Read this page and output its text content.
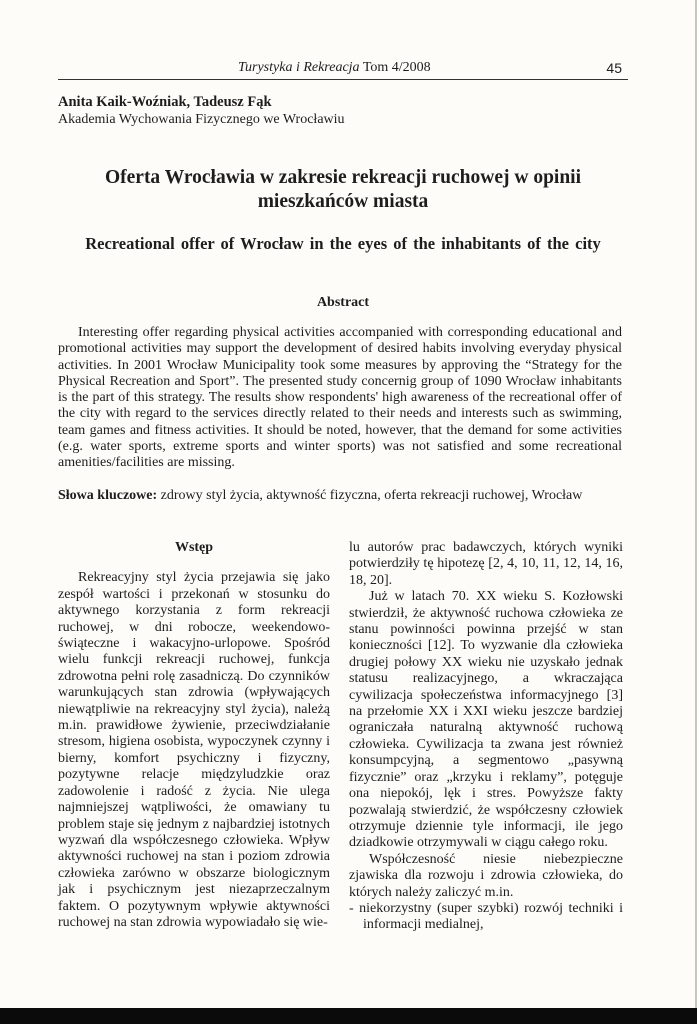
Turystyka i Rekreacja Tom 4/2008	45
Anita Kaik-Woźniak, Tadeusz Fąk
Akademia Wychowania Fizycznego we Wrocławiu
Oferta Wrocławia w zakresie rekreacji ruchowej w opinii
mieszkańców miasta
Recreational offer of Wrocław in the eyes of the inhabitants of the city
Abstract
Interesting offer regarding physical activities accompanied with corresponding educational and promotional activities may support the development of desired habits involving everyday physical activities. In 2001 Wrocław Municipality took some measures by approving the “Strategy for the Physical Recreation and Sport”. The presented study concernig group of 1090 Wrocław inhabitants is the part of this strategy. The results show respondents' high awareness of the recreational offer of the city with regard to the services directly related to their needs and interests such as swimming, team games and fitness activities. It should be noted, however, that the demand for some activities (e.g. water sports, extreme sports and winter sports) was not satisfied and some recreational amenities/facilities are missing.
Słowa kluczowe: zdrowy styl życia, aktywność fizyczna, oferta rekreacji ruchowej, Wrocław
Wstęp

Rekreacyjny styl życia przejawia się jako zespół wartości i przekonań w stosunku do aktywnego korzystania z form rekreacji ruchowej, w dni robocze, weekendowo-świąteczne i wakacyjno-urlopowe. Spośród wielu funkcji rekreacji ruchowej, funkcja zdrowotna pełni rolę zasadniczą. Do czynników warunkujących stan zdrowia (wpływających niewątpliwie na rekreacyjny styl życia), należą m.in. prawidłowe żywienie, przeciwdziałanie stresom, higiena osobista, wypoczynek czynny i bierny, komfort psychiczny i fizyczny, pozytywne relacje międzyludzkie oraz zadowolenie i radość z życia. Nie ulega najmniejszej wątpliwości, że omawiany tu problem staje się jednym z najbardziej istotnych wyzwań dla współczesnego człowieka. Wpływ aktywności ruchowej na stan i poziom zdrowia człowieka zarówno w obszarze biologicznym jak i psychicznym jest niezaprzeczalnym faktem. O pozytywnym wpływie aktywności ruchowej na stan zdrowia wypowiadało się wie-

lu autorów prac badawczych, których wyniki potwierdziły tę hipotezę [2, 4, 10, 11, 12, 14, 16, 18, 20].

Już w latach 70. XX wieku S. Kozłowski stwierdził, że aktywność ruchowa człowieka ze stanu powinności powinna przejść w stan konieczności [12]. To wyzwanie dla człowieka drugiej połowy XX wieku nie uzyskało jednak statusu realizacyjnego, a wkraczająca cywilizacja społeczeństwa informacyjnego [3] na przełomie XX i XXI wieku jeszcze bardziej ograniczała naturalną aktywność ruchową człowieka. Cywilizacja ta zwana jest również konsumpcyjną, a segmentowo „pasywną fizycznie” oraz „krzyku i reklamy”, potęguje ona niepokój, lęk i stres. Powyższe fakty pozwalają stwierdzić, że współczesny człowiek otrzymuje dziennie tyle informacji, ile jego dziadkowie otrzymywali w ciągu całego roku.

Współczesność niesie niebezpieczne zjawiska dla rozwoju i zdrowia człowieka, do których należy zaliczyć m.in.

- niekorzystny (super szybki) rozwój techniki i informacji medialnej,
